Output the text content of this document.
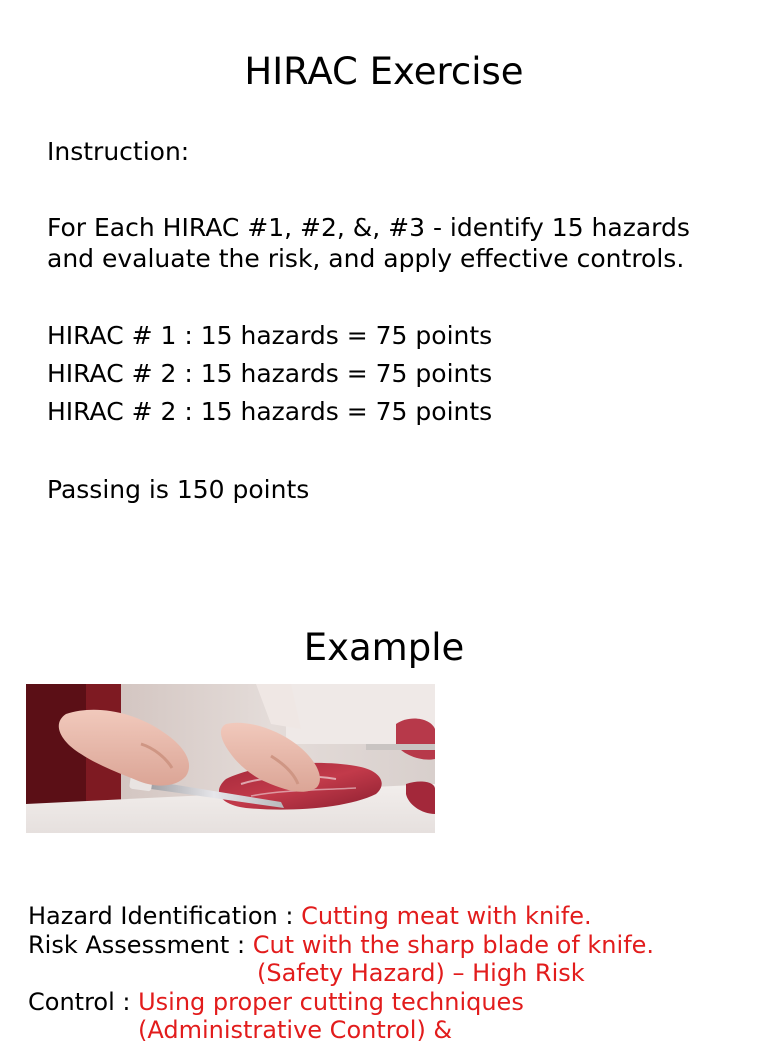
HIRAC Exercise
Instruction:
For Each HIRAC #1, #2, &, #3 - identify 15 hazards
and evaluate the risk, and apply effective controls.
HIRAC # 1 : 15 hazards = 75 points
HIRAC # 2 : 15 hazards = 75 points
HIRAC # 2 : 15 hazards = 75 points
Passing is 150 points
Example
Hazard Identification : Cutting meat with knife.
Risk Assessment : Cut with the sharp blade of knife.
(Safety Hazard) – High Risk
Control : Using proper cutting techniques
(Administrative Control) &
